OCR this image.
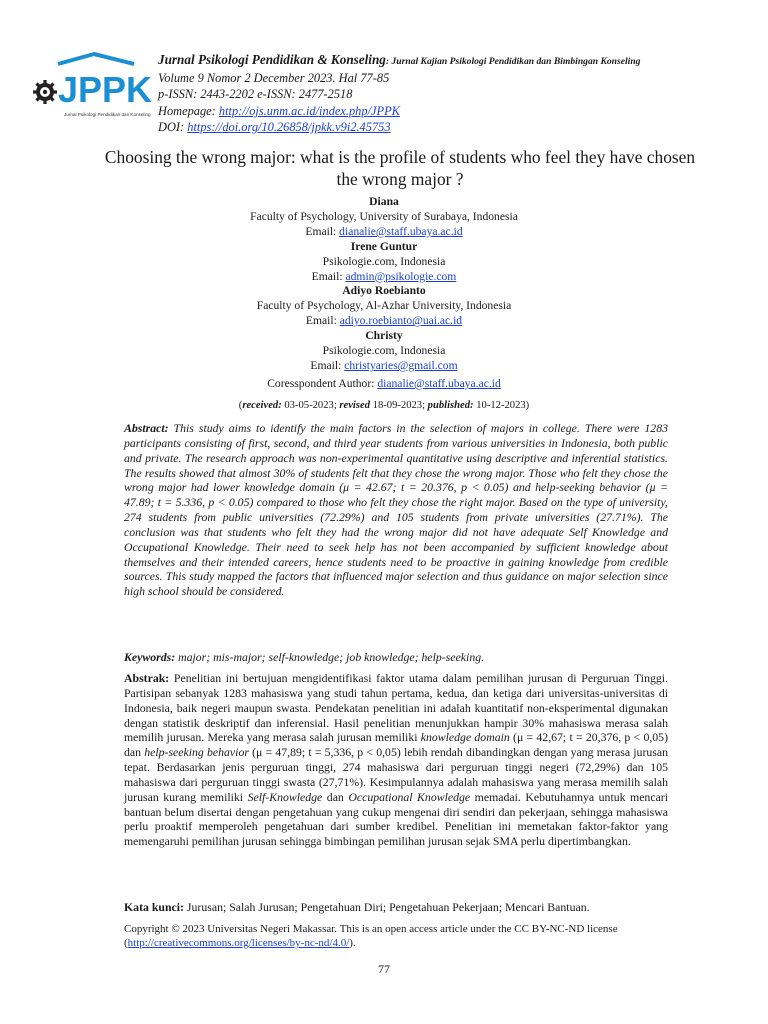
JPPK
Jurnal Psikologi Pendidikan dan Konseling
Jurnal Psikologi Pendidikan & Konseling: Jurnal Kajian Psikologi Pendidikan dan Bimbingan Konseling
Volume 9 Nomor 2 December 2023. Hal 77-85
p-ISSN: 2443-2202 e-ISSN: 2477-2518
Homepage: http://ojs.unm.ac.id/index.php/JPPK
DOI: https://doi.org/10.26858/jpkk.v9i2.45753
Choosing the wrong major: what is the profile of students who feel they have chosen the wrong major ?
Diana
Faculty of Psychology, University of Surabaya, Indonesia
Email: dianalie@staff.ubaya.ac.id
Irene Guntur
Psikologie.com, Indonesia
Email: admin@psikologie.com
Adiyo Roebianto
Faculty of Psychology, Al-Azhar University, Indonesia
Email: adiyo.roebianto@uai.ac.id
Christy
Psikologie.com, Indonesia
Email: christyaries@gmail.com
Coresspondent Author: dianalie@staff.ubaya.ac.id
(received: 03-05-2023; revised 18-09-2023; published: 10-12-2023)
Abstract: This study aims to identify the main factors in the selection of majors in college. There were 1283 participants consisting of first, second, and third year students from various universities in Indonesia, both public and private. The research approach was non-experimental quantitative using descriptive and inferential statistics. The results showed that almost 30% of students felt that they chose the wrong major. Those who felt they chose the wrong major had lower knowledge domain (μ = 42.67; t = 20.376, p < 0.05) and help-seeking behavior (μ = 47.89; t = 5.336, p < 0.05) compared to those who felt they chose the right major. Based on the type of university, 274 students from public universities (72.29%) and 105 students from private universities (27.71%). The conclusion was that students who felt they had the wrong major did not have adequate Self Knowledge and Occupational Knowledge. Their need to seek help has not been accompanied by sufficient knowledge about themselves and their intended careers, hence students need to be proactive in gaining knowledge from credible sources. This study mapped the factors that influenced major selection and thus guidance on major selection since high school should be considered.
Keywords: major; mis-major; self-knowledge; job knowledge; help-seeking.
Abstrak: Penelitian ini bertujuan mengidentifikasi faktor utama dalam pemilihan jurusan di Perguruan Tinggi. Partisipan sebanyak 1283 mahasiswa yang studi tahun pertama, kedua, dan ketiga dari universitas-universitas di Indonesia, baik negeri maupun swasta. Pendekatan penelitian ini adalah kuantitatif non-eksperimental digunakan dengan statistik deskriptif dan inferensial. Hasil penelitian menunjukkan hampir 30% mahasiswa merasa salah memilih jurusan. Mereka yang merasa salah jurusan memiliki knowledge domain (μ = 42,67; t = 20,376, p < 0,05) dan help-seeking behavior (μ = 47,89; t = 5,336, p < 0,05) lebih rendah dibandingkan dengan yang merasa jurusan tepat. Berdasarkan jenis perguruan tinggi, 274 mahasiswa dari perguruan tinggi negeri (72,29%) dan 105 mahasiswa dari perguruan tinggi swasta (27,71%). Kesimpulannya adalah mahasiswa yang merasa memilih salah jurusan kurang memiliki Self-Knowledge dan Occupational Knowledge memadai. Kebutuhannya untuk mencari bantuan belum disertai dengan pengetahuan yang cukup mengenai diri sendiri dan pekerjaan, sehingga mahasiswa perlu proaktif memperoleh pengetahuan dari sumber kredibel. Penelitian ini memetakan faktor-faktor yang memengaruhi pemilihan jurusan sehingga bimbingan pemilihan jurusan sejak SMA perlu dipertimbangkan.
Kata kunci: Jurusan; Salah Jurusan; Pengetahuan Diri; Pengetahuan Pekerjaan; Mencari Bantuan.
Copyright © 2023 Universitas Negeri Makassar. This is an open access article under the CC BY-NC-ND license (http://creativecommons.org/licenses/by-nc-nd/4.0/).
77
